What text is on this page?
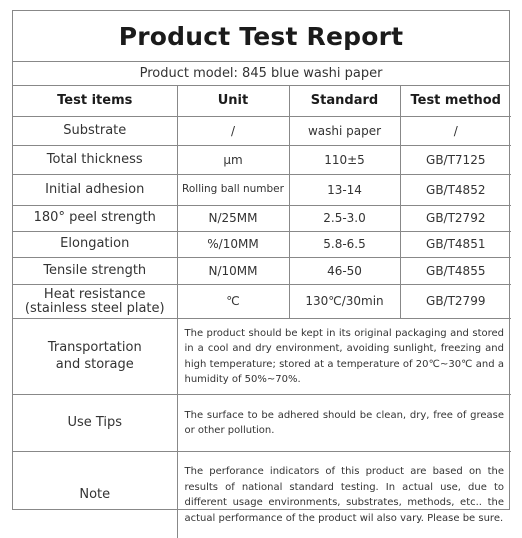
Product Test Report
Product model: 845 blue washi paper
Test items	Unit	Standard	Test method
Substrate	/	washi paper	/
Total thickness	μm	110±5	GB/T7125
Initial adhesion	Rolling ball number	13-14	GB/T4852
180° peel strength	N/25MM	2.5-3.0	GB/T2792
Elongation	%/10MM	5.8-6.5	GB/T4851
Tensile strength	N/10MM	46-50	GB/T4855

Heat resistance
(stainless steel plate)	℃	130℃/30min	GB/T2799

Transportation
and storage	The product should be kept in its original packaging and stored in a cool and dry environment, avoiding sunlight, freezing and high temperature; stored at a temperature of 20℃~30℃ and a humidity of 50%~70%.		
Use Tips	The surface to be adhered should be clean, dry, free of grease or other pollution.		
Note	The perforance indicators of this product are based on the results of national standard testing. In actual use, due to different usage environments, substrates, methods, etc.. the actual performance of the product wil also vary. Please be sure.		
